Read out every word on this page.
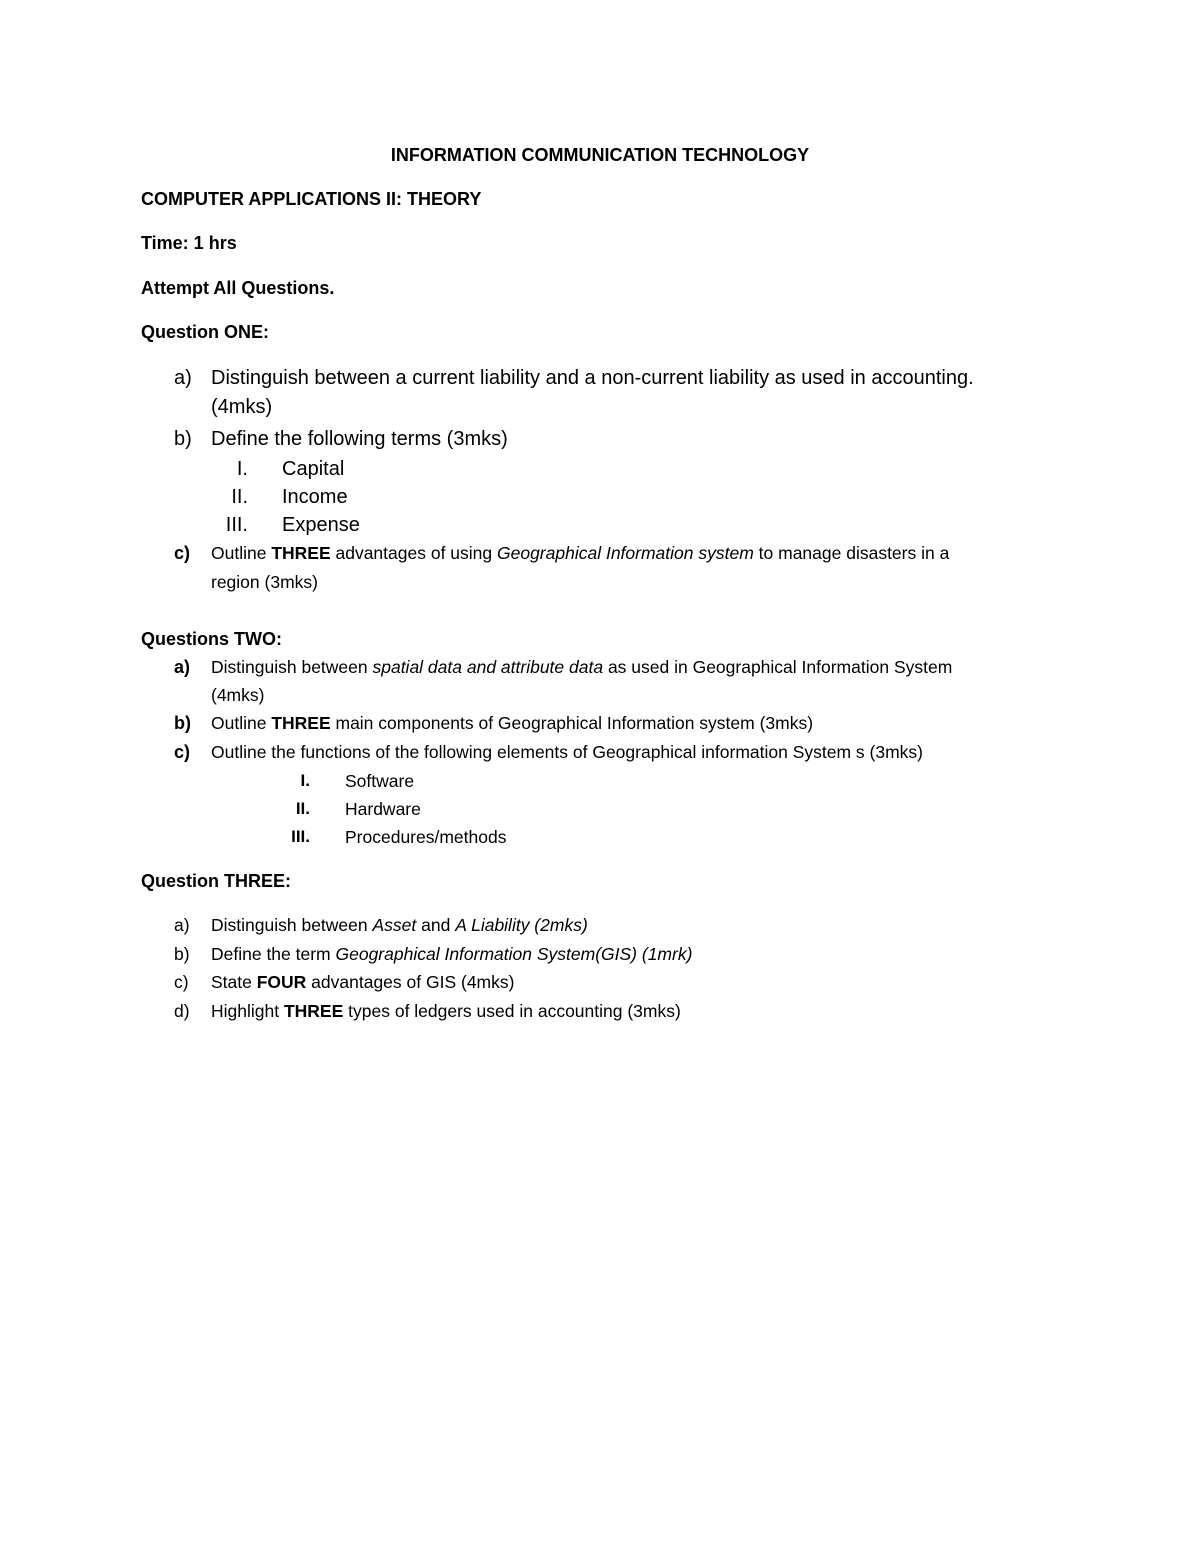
INFORMATION COMMUNICATION TECHNOLOGY
COMPUTER APPLICATIONS II: THEORY
Time: 1 hrs
Attempt All Questions.
Question ONE:
a) Distinguish between a current liability and a non-current liability as used in accounting.
(4mks)
b) Define the following terms (3mks)
I. Capital
II. Income
III. Expense
c) Outline THREE advantages of using Geographical Information system to manage disasters in a
region (3mks)
Questions TWO:
a) Distinguish between spatial data and attribute data as used in Geographical Information System
(4mks)
b) Outline THREE main components of Geographical Information system (3mks)
c) Outline the functions of the following elements of Geographical information System s (3mks)
I. Software
II. Hardware
III. Procedures/methods
Question THREE:
a) Distinguish between Asset and A Liability (2mks)
b) Define the term Geographical Information System(GIS) (1mrk)
c) State FOUR advantages of GIS (4mks)
d) Highlight THREE types of ledgers used in accounting (3mks)
